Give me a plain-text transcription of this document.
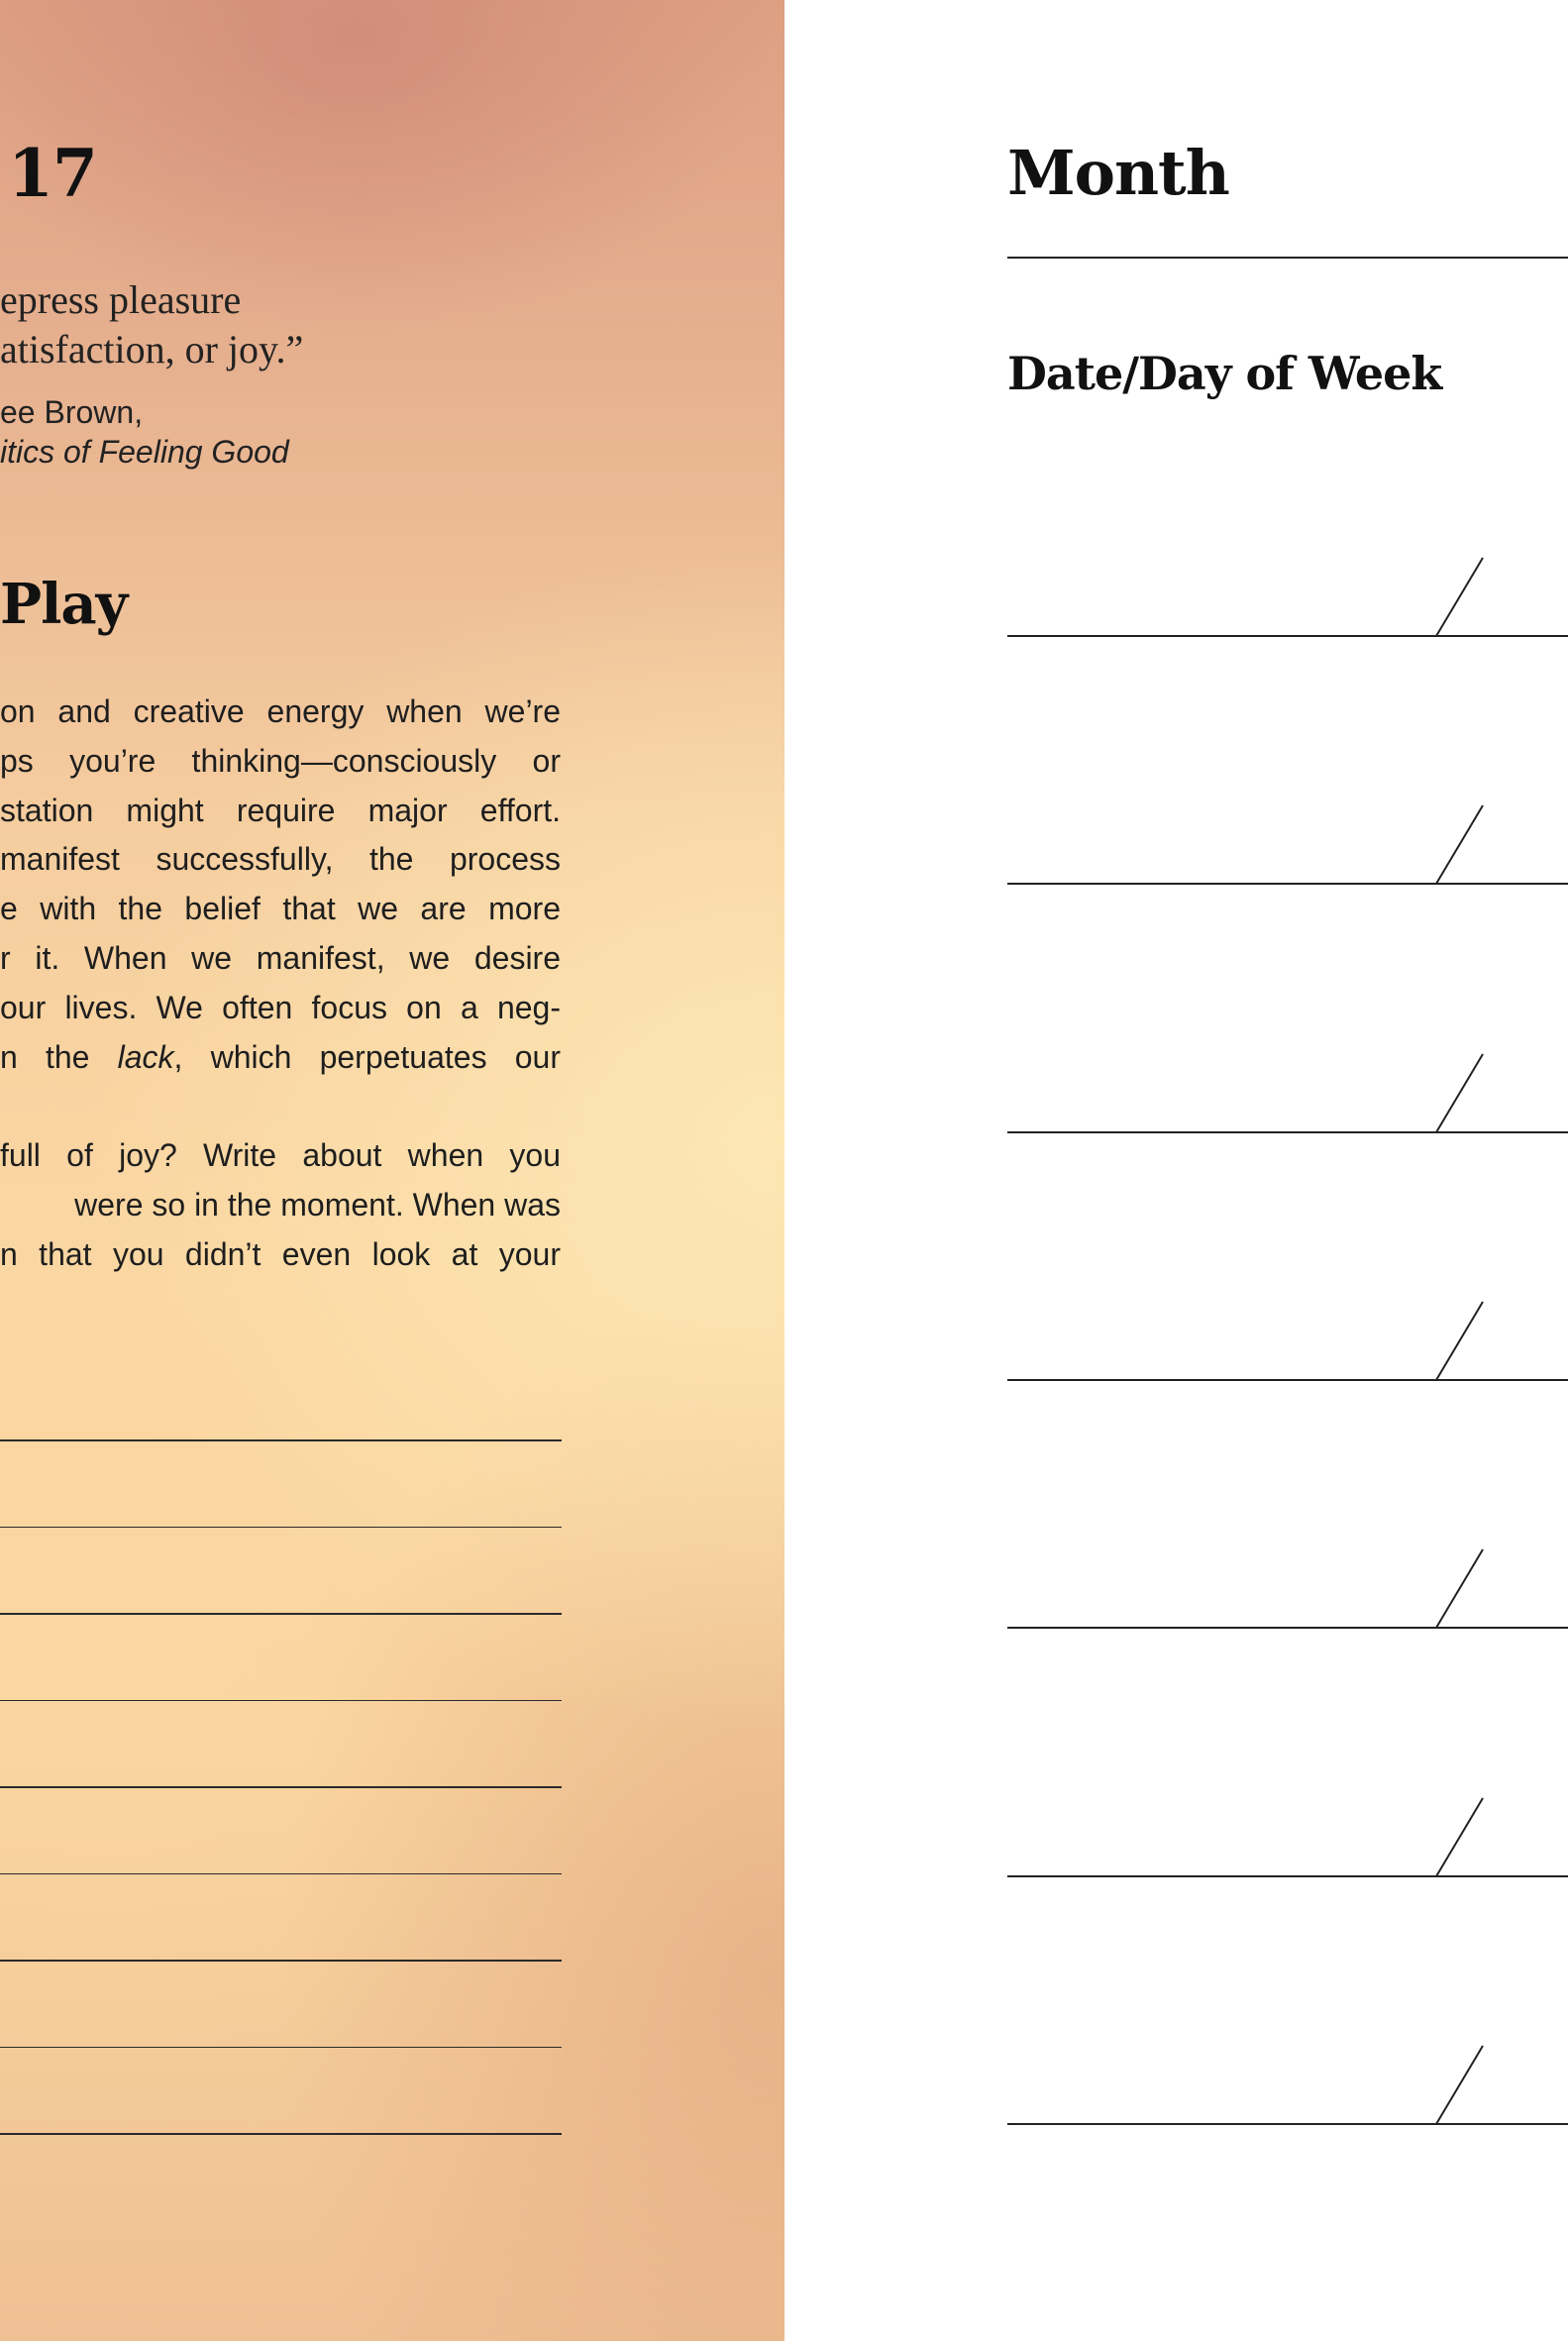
17

epress pleasure
atisfaction, or joy.”

ee Brown,
itics of Feeling Good
Play
on and creative energy when we’re
ps you’re thinking—consciously or
station might require major effort.
manifest successfully, the process
e with the belief that we are more
r it. When we manifest, we desire
our lives. We often focus on a neg-
n the lack, which perpetuates our
full of joy? Write about when you
were so in the moment. When was
n that you didn’t even look at your
Month
Date/Day of Week
